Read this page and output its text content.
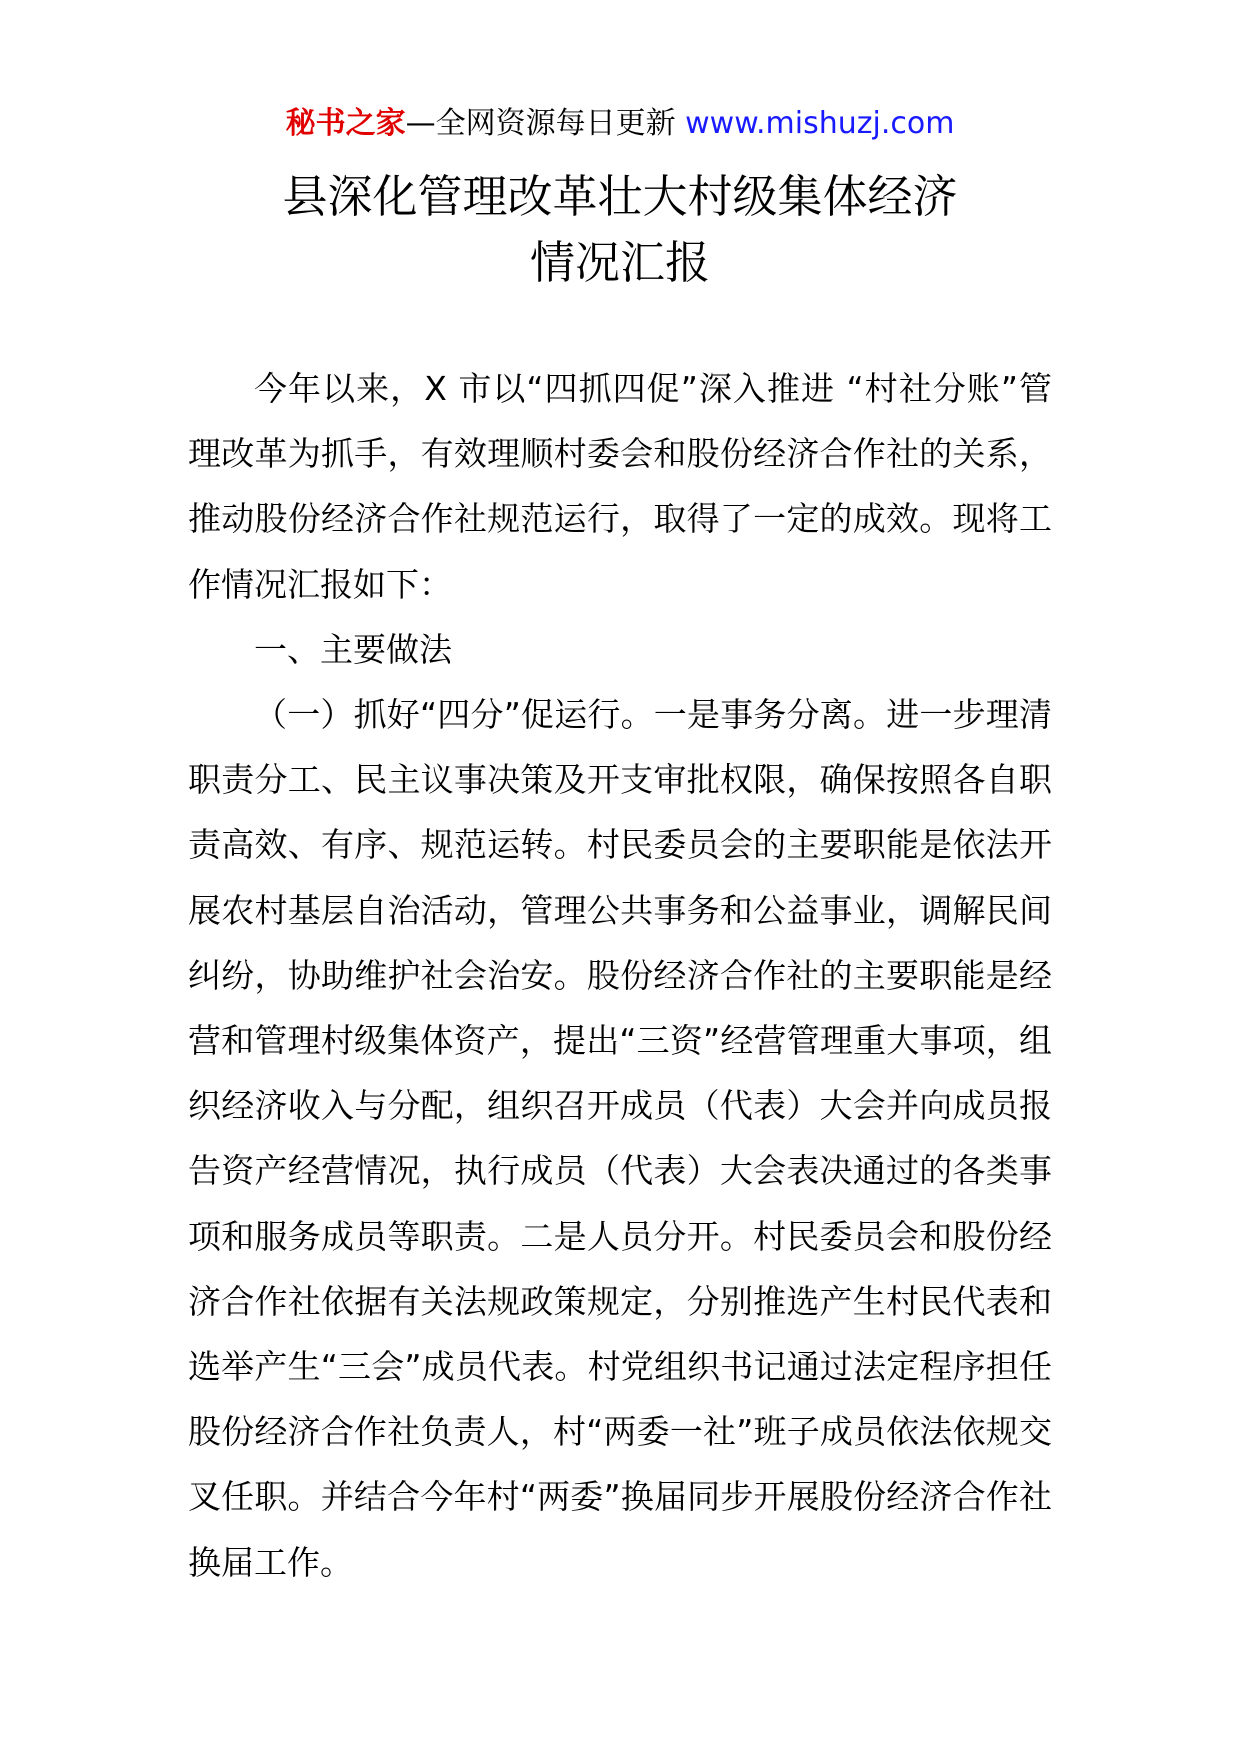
秘书之家—全网资源每日更新 www.mishuzj.com
县深化管理改革壮大村级集体经济
情况汇报

今年以来，X 市以“四抓四促”深入推进 “村社分账”管理改革为抓手，有效理顺村委会和股份经济合作社的关系，推动股份经济合作社规范运行，取得了一定的成效。现将工作情况汇报如下：

一、主要做法

（一）抓好“四分”促运行。一是事务分离。进一步理清职责分工、民主议事决策及开支审批权限，确保按照各自职责高效、有序、规范运转。村民委员会的主要职能是依法开展农村基层自治活动，管理公共事务和公益事业，调解民间纠纷，协助维护社会治安。股份经济合作社的主要职能是经营和管理村级集体资产，提出“三资”经营管理重大事项，组织经济收入与分配，组织召开成员（代表）大会并向成员报告资产经营情况，执行成员（代表）大会表决通过的各类事项和服务成员等职责。二是人员分开。村民委员会和股份经济合作社依据有关法规政策规定，分别推选产生村民代表和选举产生“三会”成员代表。村党组织书记通过法定程序担任股份经济合作社负责人，村“两委一社”班子成员依法依规交叉任职。并结合今年村“两委”换届同步开展股份经济合作社换届工作。
